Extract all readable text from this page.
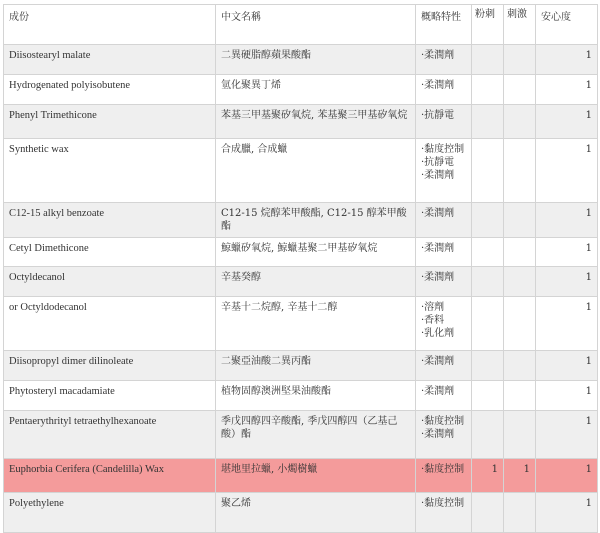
成份	中文名稱	概略特性	粉刺	刺激	安心度
Diisostearyl malate	二異硬脂醇蘋果酸酯	·柔潤劑			1
Hydrogenated polyisobutene	氫化聚異丁烯	·柔潤劑			1
Phenyl Trimethicone	苯基三甲基聚矽氧烷, 苯基聚三甲基矽氧烷	·抗靜電			1
Synthetic wax	合成臘, 合成蠟	·黏度控制
·抗靜電
·柔潤劑			1
C12-15 alkyl benzoate	C12-15 烷醇苯甲酸酯, C12-15 醇苯甲酸酯	·柔潤劑			1
Cetyl Dimethicone	鯨蠟矽氧烷, 鯨蠟基聚二甲基矽氧烷	·柔潤劑			1
Octyldecanol	辛基癸醇	·柔潤劑			1
or Octyldodecanol	辛基十二烷醇, 辛基十二醇	·溶劑
·香料
·乳化劑			1
Diisopropyl dimer dilinoleate	二聚亞油酸二異丙酯	·柔潤劑			1
Phytosteryl macadamiate	植物固醇澳洲堅果油酸酯	·柔潤劑			1
Pentaerythrityl tetraethylhexanoate	季戊四醇四辛酸酯, 季戊四醇四（乙基己酸）酯	·黏度控制
·柔潤劑			1
Euphorbia Cerifera (Candelilla) Wax	堪地里拉蠟, 小燭樹蠟	·黏度控制	1	1	1
Polyethylene	聚乙烯	·黏度控制			1
